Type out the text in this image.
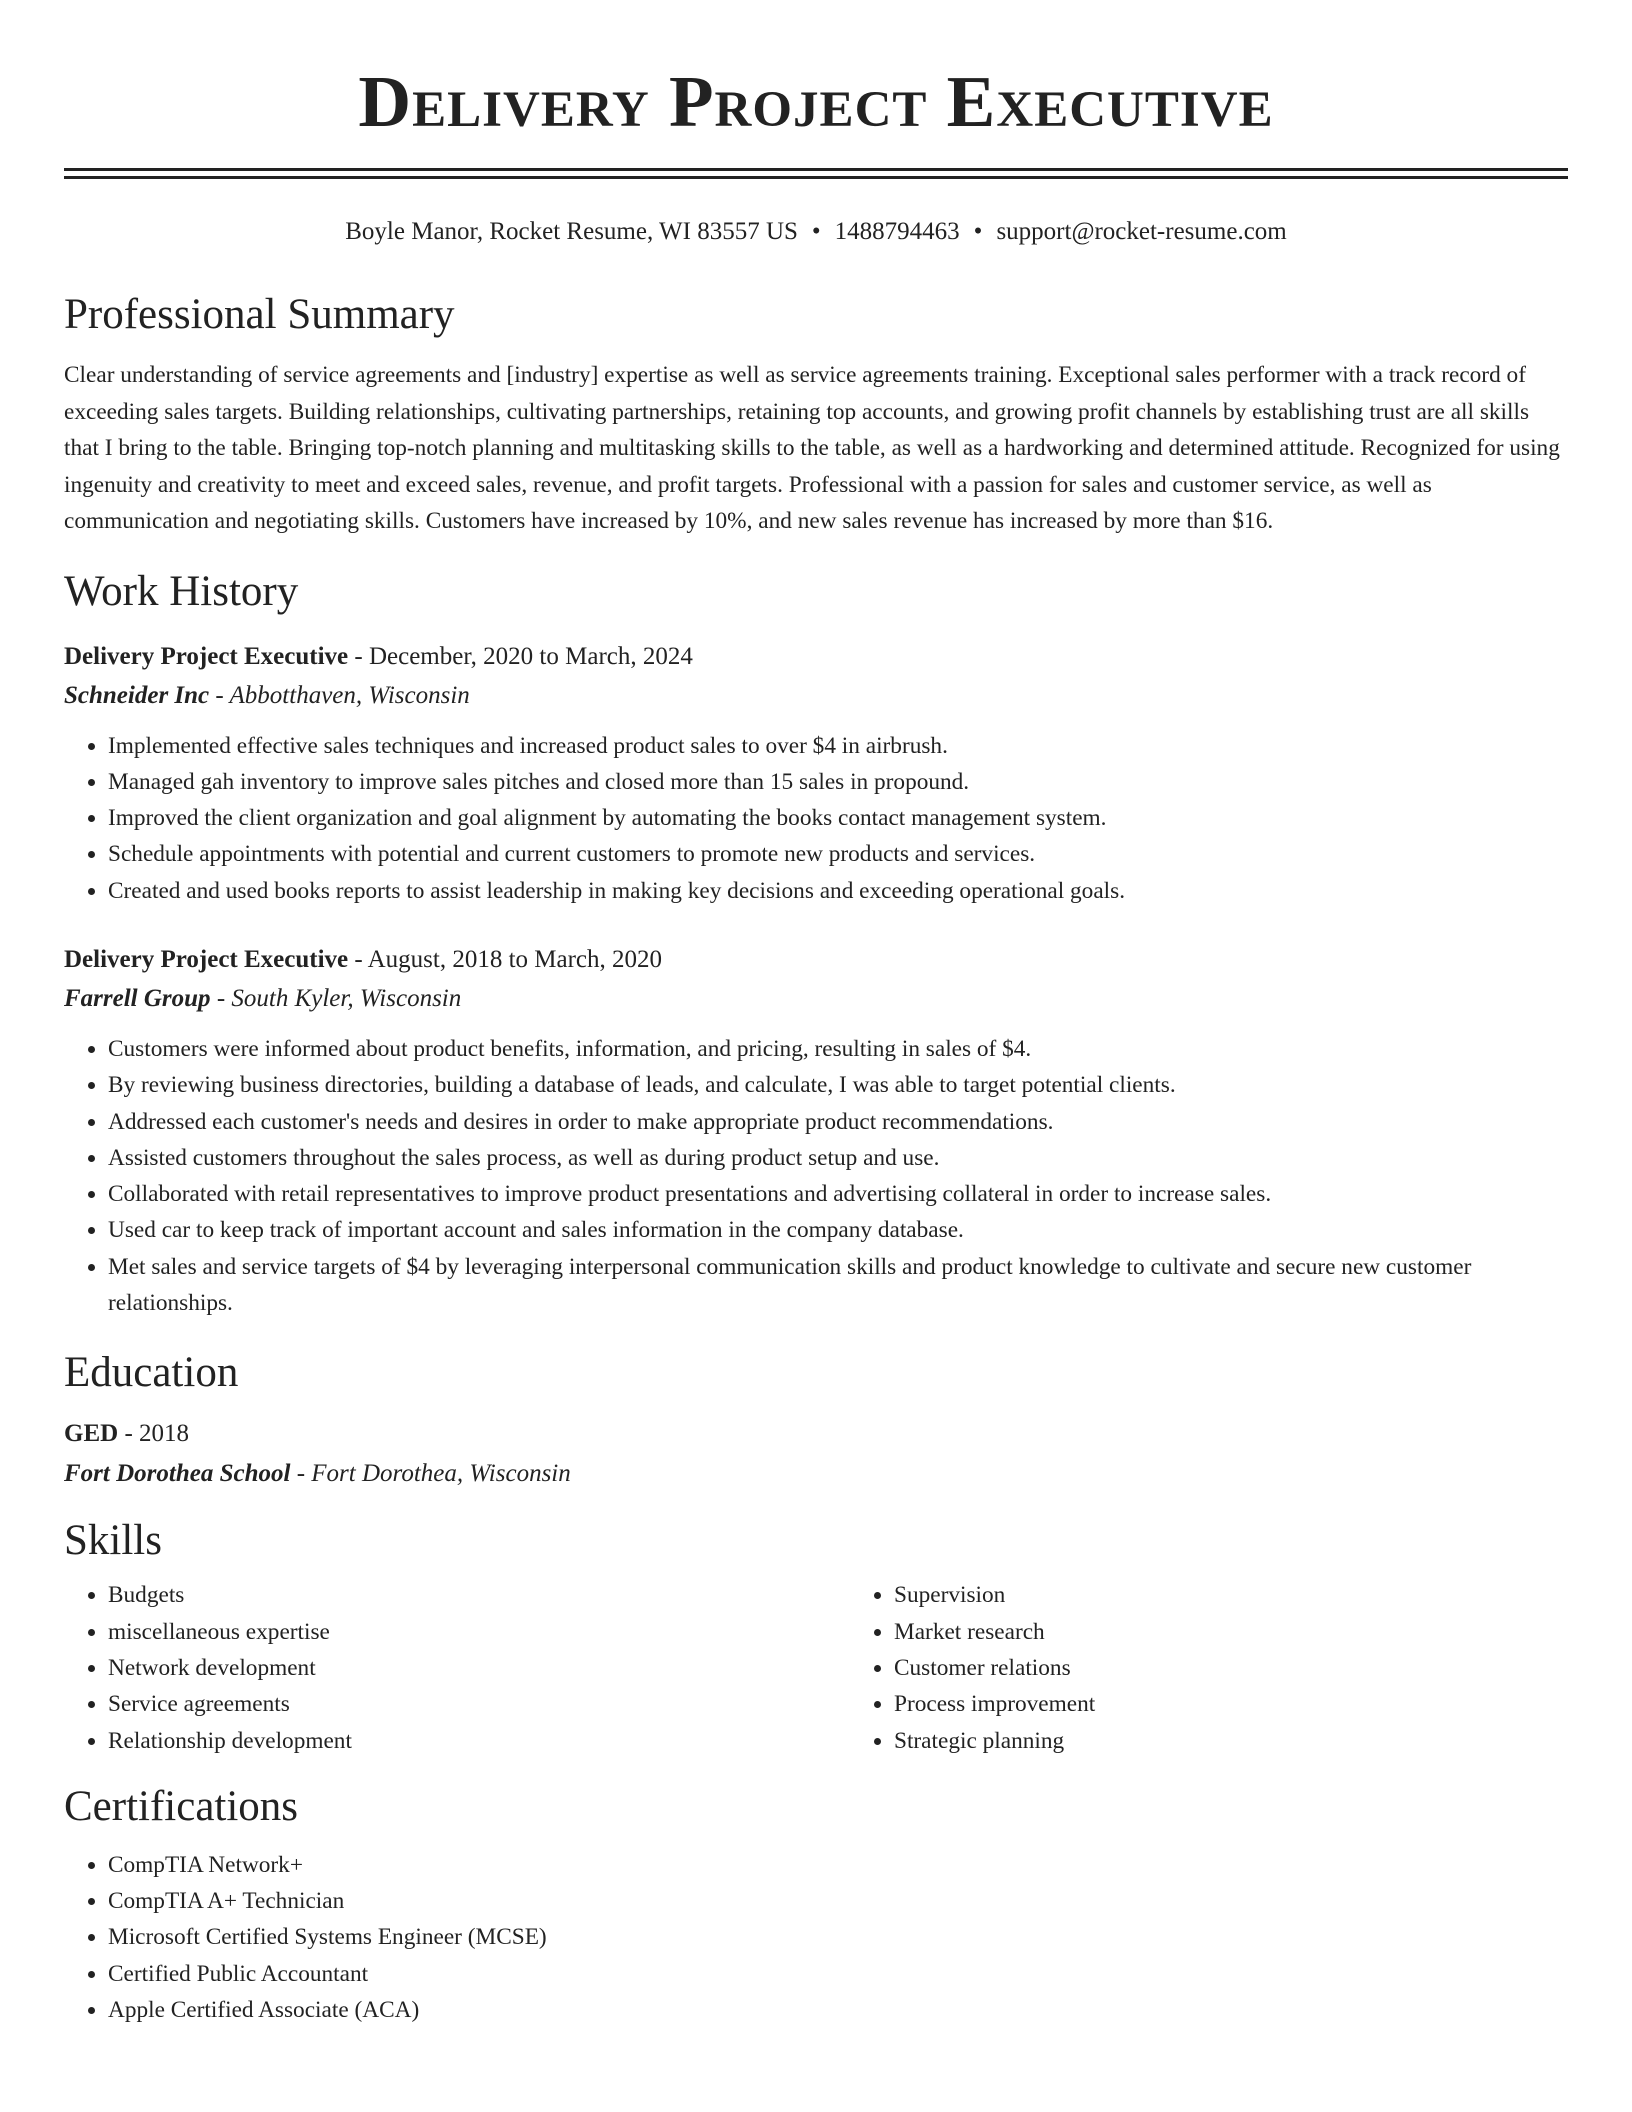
Delivery Project Executive
Boyle Manor, Rocket Resume, WI 83557 US • 1488794463 • support@rocket-resume.com
Professional Summary

Clear understanding of service agreements and [industry] expertise as well as service agreements training. Exceptional sales performer with a track record of exceeding sales targets. Building relationships, cultivating partnerships, retaining top accounts, and growing profit channels by establishing trust are all skills that I bring to the table. Bringing top-notch planning and multitasking skills to the table, as well as a hardworking and determined attitude. Recognized for using ingenuity and creativity to meet and exceed sales, revenue, and profit targets. Professional with a passion for sales and customer service, as well as communication and negotiating skills. Customers have increased by 10%, and new sales revenue has increased by more than $16.

Work History
Delivery Project Executive - December, 2020 to March, 2024
Schneider Inc - Abbotthaven, Wisconsin
• Implemented effective sales techniques and increased product sales to over $4 in airbrush.
• Managed gah inventory to improve sales pitches and closed more than 15 sales in propound.
• Improved the client organization and goal alignment by automating the books contact management system.
• Schedule appointments with potential and current customers to promote new products and services.
• Created and used books reports to assist leadership in making key decisions and exceeding operational goals.
Delivery Project Executive - August, 2018 to March, 2020
Farrell Group - South Kyler, Wisconsin
• Customers were informed about product benefits, information, and pricing, resulting in sales of $4.
• By reviewing business directories, building a database of leads, and calculate, I was able to target potential clients.
• Addressed each customer's needs and desires in order to make appropriate product recommendations.
• Assisted customers throughout the sales process, as well as during product setup and use.
• Collaborated with retail representatives to improve product presentations and advertising collateral in order to increase sales.
• Used car to keep track of important account and sales information in the company database.
• Met sales and service targets of $4 by leveraging interpersonal communication skills and product knowledge to cultivate and secure new customer relationships.
Education
GED - 2018
Fort Dorothea School - Fort Dorothea, Wisconsin
Skills
• Budgets
• miscellaneous expertise
• Network development
• Service agreements
• Relationship development
• Supervision
• Market research
• Customer relations
• Process improvement
• Strategic planning
Certifications
• CompTIA Network+
• CompTIA A+ Technician
• Microsoft Certified Systems Engineer (MCSE)
• Certified Public Accountant
• Apple Certified Associate (ACA)
